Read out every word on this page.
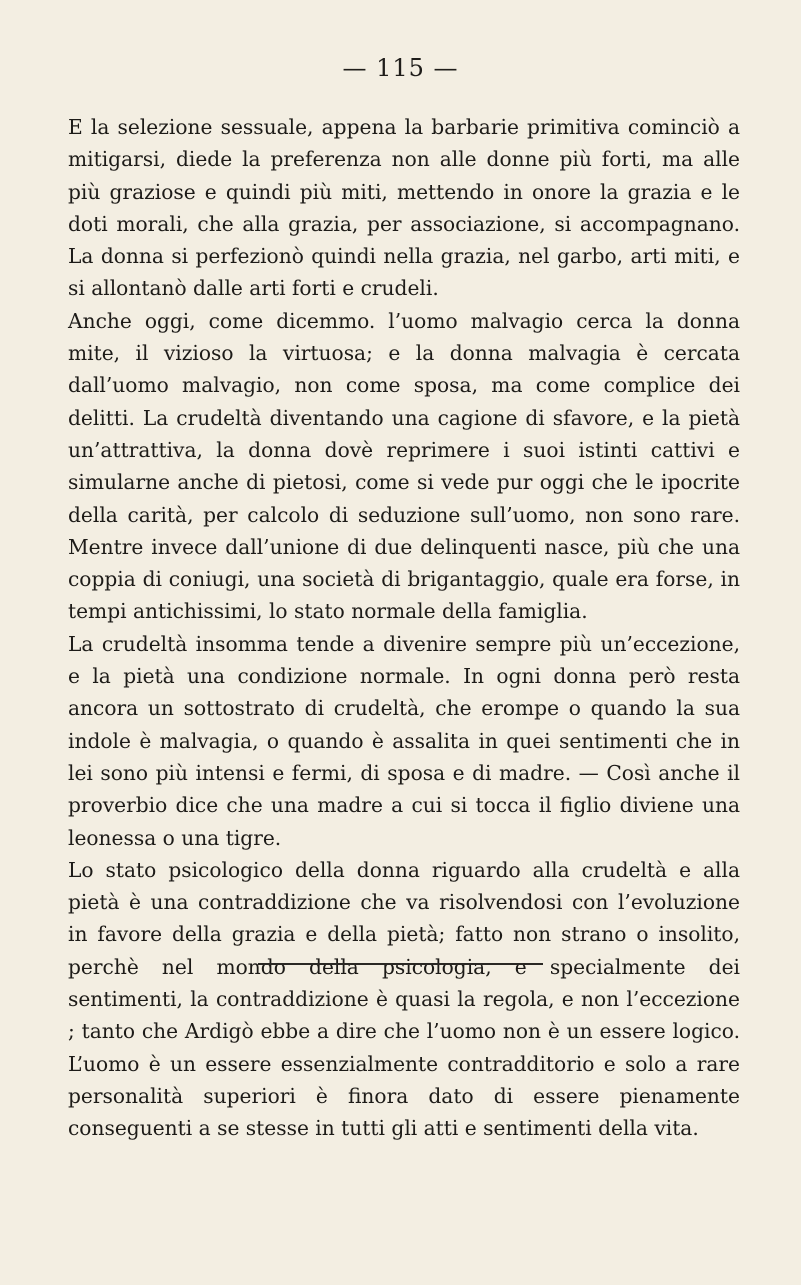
— 115 —

E la selezione sessuale, appena la barbarie primitiva cominciò a mitigarsi, diede la preferenza non alle donne più forti, ma alle più graziose e quindi più miti, mettendo in onore la grazia e le doti morali, che alla grazia, per associazione, si accompagnano. La donna si perfezionò quindi nella grazia, nel garbo, arti miti, e si allontanò dalle arti forti e crudeli.

Anche oggi, come dicemmo. l’uomo malvagio cerca la donna mite, il vizioso la virtuosa; e la donna malvagia è cercata dall’uomo malvagio, non come sposa, ma come complice dei delitti. La crudeltà diventando una cagione di sfavore, e la pietà un’attrattiva, la donna dovè reprimere i suoi istinti cattivi e simularne anche di pietosi, come si vede pur oggi che le ipocrite della carità, per calcolo di seduzione sull’uomo, non sono rare. Mentre invece dall’unione di due delinquenti nasce, più che una coppia di coniugi, una società di brigantaggio, quale era forse, in tempi antichissimi, lo stato normale della famiglia.

La crudeltà insomma tende a divenire sempre più un’eccezione, e la pietà una condizione normale. In ogni donna però resta ancora un sottostrato di crudeltà, che erompe o quando la sua indole è malvagia, o quando è assalita in quei sentimenti che in lei sono più intensi e fermi, di sposa e di madre. — Così anche il proverbio dice che una madre a cui si tocca il figlio diviene una leonessa o una tigre.

Lo stato psicologico della donna riguardo alla crudeltà e alla pietà è una contraddizione che va risolvendosi con l’evoluzione in favore della grazia e della pietà; fatto non strano o insolito, perchè nel mondo della psicologia, e specialmente dei sentimenti, la contraddizione è quasi la regola, e non l’eccezione ; tanto che Ardigò ebbe a dire che l’uomo non è un essere logico. L’uomo è un essere essenzialmente contradditorio e solo a rare personalità superiori è finora dato di essere pienamente conseguenti a se stesse in tutti gli atti e sentimenti della vita.
